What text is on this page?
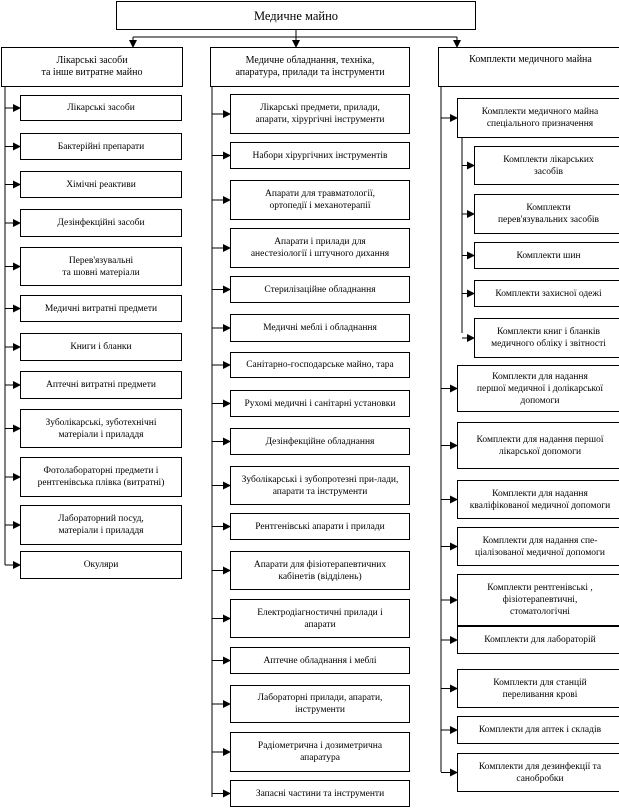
Медичне майно
Лікарські засоби
та інше витратне майно
Медичне обладнання, техніка,
апаратура, прилади та інструменти
Комплекти медичного майна
Лікарські засоби
Бактерійні препарати
Хімічні реактиви
Дезінфекційні засоби
Перев'язувальні
та шовні матеріали
Медичні витратні предмети
Книги і бланки
Аптечні витратні предмети
Зуболікарські, зуботехнічні
матеріали і приладдя
Фотолабораторні предмети і
рентгенівська плівка (витратні)
Лабораторний посуд,
матеріали і приладдя
Окуляри
Лікарські предмети, прилади,
апарати, хірургічні інструменти
Набори хірургічних інструментів
Апарати для травматології,
ортопедії і механотерапії
Апарати і прилади для
анестезіології і штучного дихання
Стерилізаційне обладнання
Медичні меблі і обладнання
Санітарно-господарське майно, тара
Рухомі медичні і санітарні установки
Дезінфекційне обладнання
Зуболікарські і зубопротезні при-лади,
апарати та інструменти
Рентгенівські апарати і прилади
Апарати для фізіотерапевтичних
кабінетів (відділень)
Електродіагностичні прилади і
апарати
Аптечне обладнання і меблі
Лабораторні прилади, апарати,
інструменти
Радіометрична і дозиметрична
апаратура
Запасні частини та інструменти
Комплекти медичного майна
спеціального призначення
Комплекти для надання
першої медичної і долікарської
допомоги
Комплекти для надання першої
лікарської допомоги
Комплекти для надання кваліфікованої медичної допомоги
Комплекти для надання спе-
ціалізованої медичної допомоги
Комплекти рентгенівські ,
фізіотерапевтичні,
стоматологічні
Комплекти для лабораторій
Комплекти для станцій
переливання крові
Комплекти для аптек і складів
Комплекти для дезинфекції та
санобробки
Комплекти лікарських
засобів
Комплекти
перев'язувальних засобів
Комплекти шин
Комплекти захисної одежі
Комплекти книг і бланків
медичного обліку і звітності
